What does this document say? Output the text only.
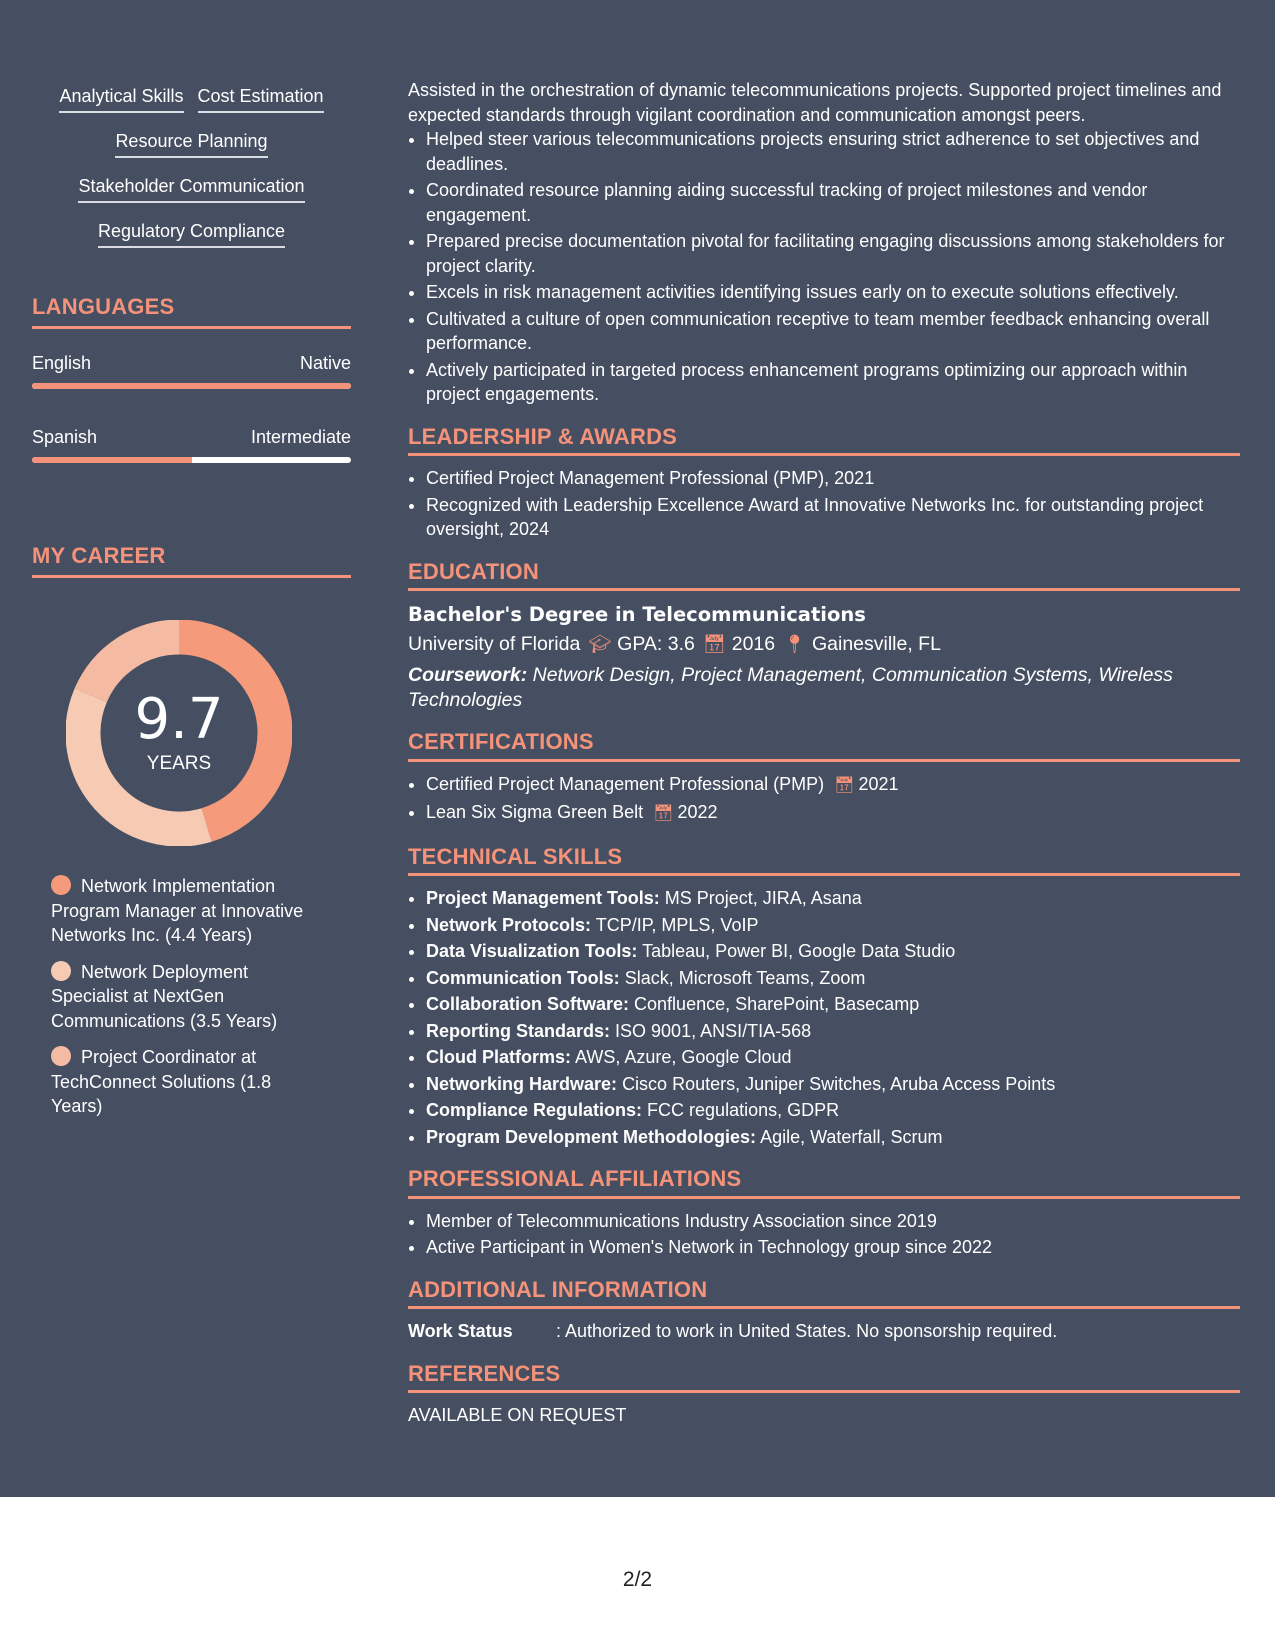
Analytical Skills Cost Estimation
Resource Planning
Stakeholder Communication
Regulatory Compliance
LANGUAGES
English	Native
Spanish	Intermediate
MY CAREER
9.7
YEARS
Network Implementation Program Manager at Innovative Networks Inc. (4.4 Years)
Network Deployment Specialist at NextGen Communications (3.5 Years)
Project Coordinator at TechConnect Solutions (1.8 Years)

Assisted in the orchestration of dynamic telecommunications projects. Supported project timelines and expected standards through vigilant coordination and communication amongst peers.

• Helped steer various telecommunications projects ensuring strict adherence to set objectives and deadlines.
• Coordinated resource planning aiding successful tracking of project milestones and vendor engagement.
• Prepared precise documentation pivotal for facilitating engaging discussions among stakeholders for project clarity.
• Excels in risk management activities identifying issues early on to execute solutions effectively.
• Cultivated a culture of open communication receptive to team member feedback enhancing overall performance.
• Actively participated in targeted process enhancement programs optimizing our approach within project engagements.
LEADERSHIP & AWARDS
• Certified Project Management Professional (PMP), 2021
• Recognized with Leadership Excellence Award at Innovative Networks Inc. for outstanding project oversight, 2024
EDUCATION
Bachelor's Degree in Telecommunications
University of Florida 🎓︎ GPA: 3.6 📅︎ 2016 📍︎ Gainesville, FL
Coursework: Network Design, Project Management, Communication Systems, Wireless Technologies
CERTIFICATIONS
• Certified Project Management Professional (PMP) 📅︎ 2021
• Lean Six Sigma Green Belt 📅︎ 2022
TECHNICAL SKILLS
• Project Management Tools: MS Project, JIRA, Asana
• Network Protocols: TCP/IP, MPLS, VoIP
• Data Visualization Tools: Tableau, Power BI, Google Data Studio
• Communication Tools: Slack, Microsoft Teams, Zoom
• Collaboration Software: Confluence, SharePoint, Basecamp
• Reporting Standards: ISO 9001, ANSI/TIA-568
• Cloud Platforms: AWS, Azure, Google Cloud
• Networking Hardware: Cisco Routers, Juniper Switches, Aruba Access Points
• Compliance Regulations: FCC regulations, GDPR
• Program Development Methodologies: Agile, Waterfall, Scrum
PROFESSIONAL AFFILIATIONS
• Member of Telecommunications Industry Association since 2019
• Active Participant in Women's Network in Technology group since 2022
ADDITIONAL INFORMATION
Work Status	: Authorized to work in United States. No sponsorship required.
REFERENCES
AVAILABLE ON REQUEST
2/2
